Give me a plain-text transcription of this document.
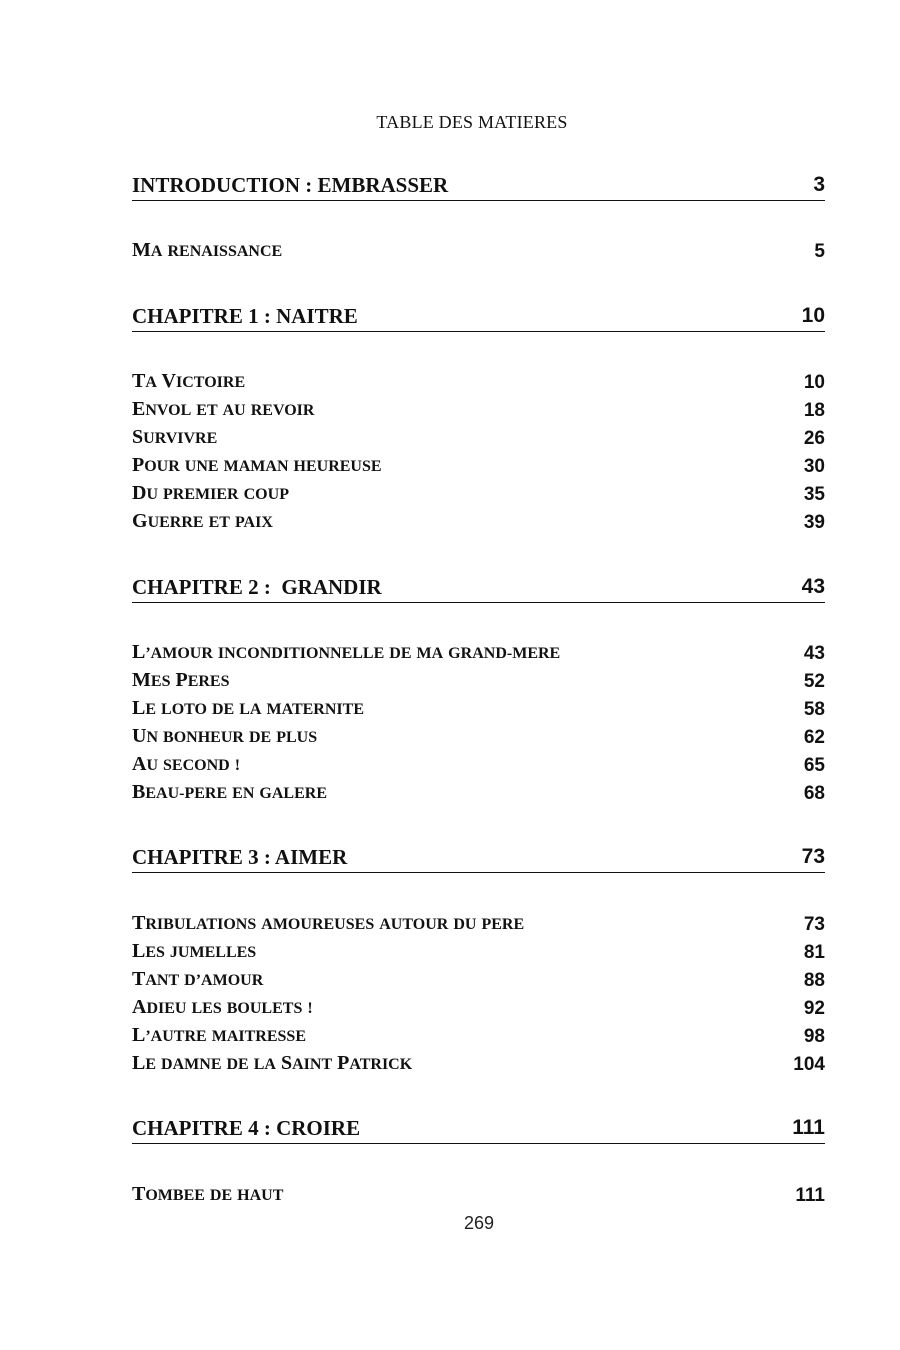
TABLE DES MATIERES
INTRODUCTION : EMBRASSER	3
MA RENAISSANCE	5
CHAPITRE 1 : NAITRE	10
TA VICTOIRE	10
ENVOL ET AU REVOIR	18
SURVIVRE	26
POUR UNE MAMAN HEUREUSE	30
DU PREMIER COUP	35
GUERRE ET PAIX	39
CHAPITRE 2 :  GRANDIR	43
L’AMOUR INCONDITIONNELLE DE MA GRAND-MERE	43
MES PERES	52
LE LOTO DE LA MATERNITE	58
UN BONHEUR DE PLUS	62
AU SECOND !	65
BEAU-PERE EN GALERE	68
CHAPITRE 3 : AIMER	73
TRIBULATIONS AMOUREUSES AUTOUR DU PERE	73
LES JUMELLES	81
TANT D’AMOUR	88
ADIEU LES BOULETS !	92
L’AUTRE MAITRESSE	98
LE DAMNE DE LA SAINT PATRICK	104
CHAPITRE 4 : CROIRE	111
TOMBEE DE HAUT	111
269
